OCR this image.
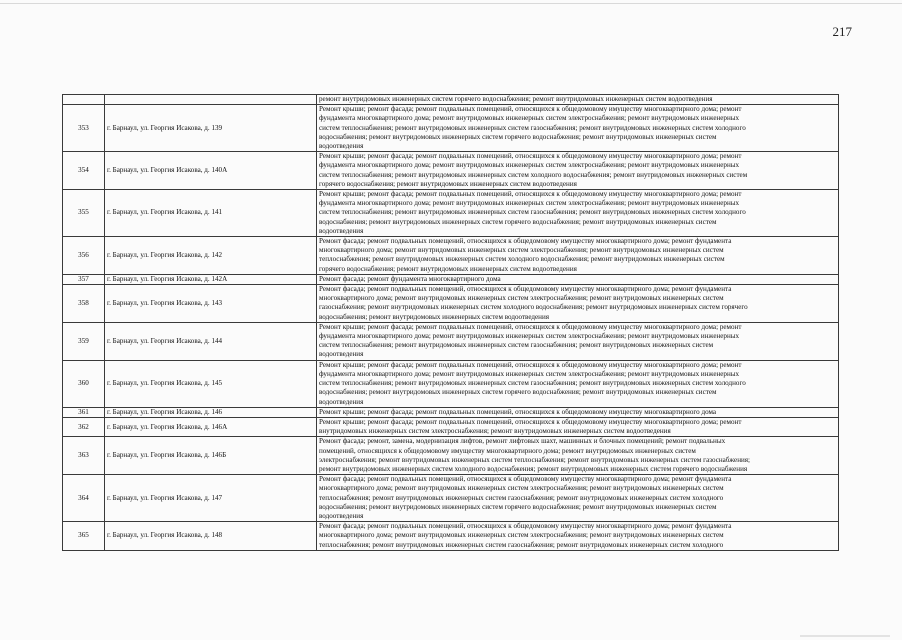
217
		ремонт внутридомовых инженерных систем горячего водоснабжения; ремонт внутридомовых инженерных систем водоотведения
353	г. Барнаул, ул. Георгия Исакова, д. 139	Ремонт крыши; ремонт фасада; ремонт подвальных помещений, относящихся к общедомовому имуществу многоквартирного дома; ремонт
фундамента многоквартирного дома; ремонт внутридомовых инженерных систем электроснабжения; ремонт внутридомовых инженерных
систем теплоснабжения; ремонт внутридомовых инженерных систем газоснабжения; ремонт внутридомовых инженерных систем холодного
водоснабжения; ремонт внутридомовых инженерных систем горячего водоснабжения; ремонт внутридомовых инженерных систем
водоотведения
354	г. Барнаул, ул. Георгия Исакова, д. 140А	Ремонт крыши; ремонт фасада; ремонт подвальных помещений, относящихся к общедомовому имуществу многоквартирного дома; ремонт
фундамента многоквартирного дома; ремонт внутридомовых инженерных систем электроснабжения; ремонт внутридомовых инженерных
систем теплоснабжения; ремонт внутридомовых инженерных систем холодного водоснабжения; ремонт внутридомовых инженерных систем
горячего водоснабжения; ремонт внутридомовых инженерных систем водоотведения
355	г. Барнаул, ул. Георгия Исакова, д. 141	Ремонт крыши; ремонт фасада; ремонт подвальных помещений, относящихся к общедомовому имуществу многоквартирного дома; ремонт
фундамента многоквартирного дома; ремонт внутридомовых инженерных систем электроснабжения; ремонт внутридомовых инженерных
систем теплоснабжения; ремонт внутридомовых инженерных систем газоснабжения; ремонт внутридомовых инженерных систем холодного
водоснабжения; ремонт внутридомовых инженерных систем горячего водоснабжения; ремонт внутридомовых инженерных систем
водоотведения
356	г. Барнаул, ул. Георгия Исакова, д. 142	Ремонт фасада; ремонт подвальных помещений, относящихся к общедомовому имуществу многоквартирного дома; ремонт фундамента
многоквартирного дома; ремонт внутридомовых инженерных систем электроснабжения; ремонт внутридомовых инженерных систем
теплоснабжения; ремонт внутридомовых инженерных систем холодного водоснабжения; ремонт внутридомовых инженерных систем
горячего водоснабжения; ремонт внутридомовых инженерных систем водоотведения
357	г. Барнаул, ул. Георгия Исакова, д. 142А	Ремонт фасада; ремонт фундамента многоквартирного дома
358	г. Барнаул, ул. Георгия Исакова, д. 143	Ремонт фасада; ремонт подвальных помещений, относящихся к общедомовому имуществу многоквартирного дома; ремонт фундамента
многоквартирного дома; ремонт внутридомовых инженерных систем электроснабжения; ремонт внутридомовых инженерных систем
газоснабжения; ремонт внутридомовых инженерных систем холодного водоснабжения; ремонт внутридомовых инженерных систем горячего
водоснабжения; ремонт внутридомовых инженерных систем водоотведения
359	г. Барнаул, ул. Георгия Исакова, д. 144	Ремонт крыши; ремонт фасада; ремонт подвальных помещений, относящихся к общедомовому имуществу многоквартирного дома; ремонт
фундамента многоквартирного дома; ремонт внутридомовых инженерных систем электроснабжения; ремонт внутридомовых инженерных
систем теплоснабжения; ремонт внутридомовых инженерных систем газоснабжения; ремонт внутридомовых инженерных систем
водоотведения
360	г. Барнаул, ул. Георгия Исакова, д. 145	Ремонт крыши; ремонт фасада; ремонт подвальных помещений, относящихся к общедомовому имуществу многоквартирного дома; ремонт
фундамента многоквартирного дома; ремонт внутридомовых инженерных систем электроснабжения; ремонт внутридомовых инженерных
систем теплоснабжения; ремонт внутридомовых инженерных систем газоснабжения; ремонт внутридомовых инженерных систем холодного
водоснабжения; ремонт внутридомовых инженерных систем горячего водоснабжения; ремонт внутридомовых инженерных систем
водоотведения
361	г. Барнаул, ул. Георгия Исакова, д. 146	Ремонт крыши; ремонт фасада; ремонт подвальных помещений, относящихся к общедомовому имуществу многоквартирного дома
362	г. Барнаул, ул. Георгия Исакова, д. 146А	Ремонт крыши; ремонт фасада; ремонт подвальных помещений, относящихся к общедомовому имуществу многоквартирного дома; ремонт
внутридомовых инженерных систем электроснабжения; ремонт внутридомовых инженерных систем водоотведения
363	г. Барнаул, ул. Георгия Исакова, д. 146Б	Ремонт фасада; ремонт, замена, модернизация лифтов, ремонт лифтовых шахт, машинных и блочных помещений; ремонт подвальных
помещений, относящихся к общедомовому имуществу многоквартирного дома; ремонт внутридомовых инженерных систем
электроснабжения; ремонт внутридомовых инженерных систем теплоснабжения; ремонт внутридомовых инженерных систем газоснабжения;
ремонт внутридомовых инженерных систем холодного водоснабжения; ремонт внутридомовых инженерных систем горячего водоснабжения
364	г. Барнаул, ул. Георгия Исакова, д. 147	Ремонт фасада; ремонт подвальных помещений, относящихся к общедомовому имуществу многоквартирного дома; ремонт фундамента
многоквартирного дома; ремонт внутридомовых инженерных систем электроснабжения; ремонт внутридомовых инженерных систем
теплоснабжения; ремонт внутридомовых инженерных систем газоснабжения; ремонт внутридомовых инженерных систем холодного
водоснабжения; ремонт внутридомовых инженерных систем горячего водоснабжения; ремонт внутридомовых инженерных систем
водоотведения
365	г. Барнаул, ул. Георгия Исакова, д. 148	Ремонт фасада; ремонт подвальных помещений, относящихся к общедомовому имуществу многоквартирного дома; ремонт фундамента
многоквартирного дома; ремонт внутридомовых инженерных систем электроснабжения; ремонт внутридомовых инженерных систем
теплоснабжения; ремонт внутридомовых инженерных систем газоснабжения; ремонт внутридомовых инженерных систем холодного
